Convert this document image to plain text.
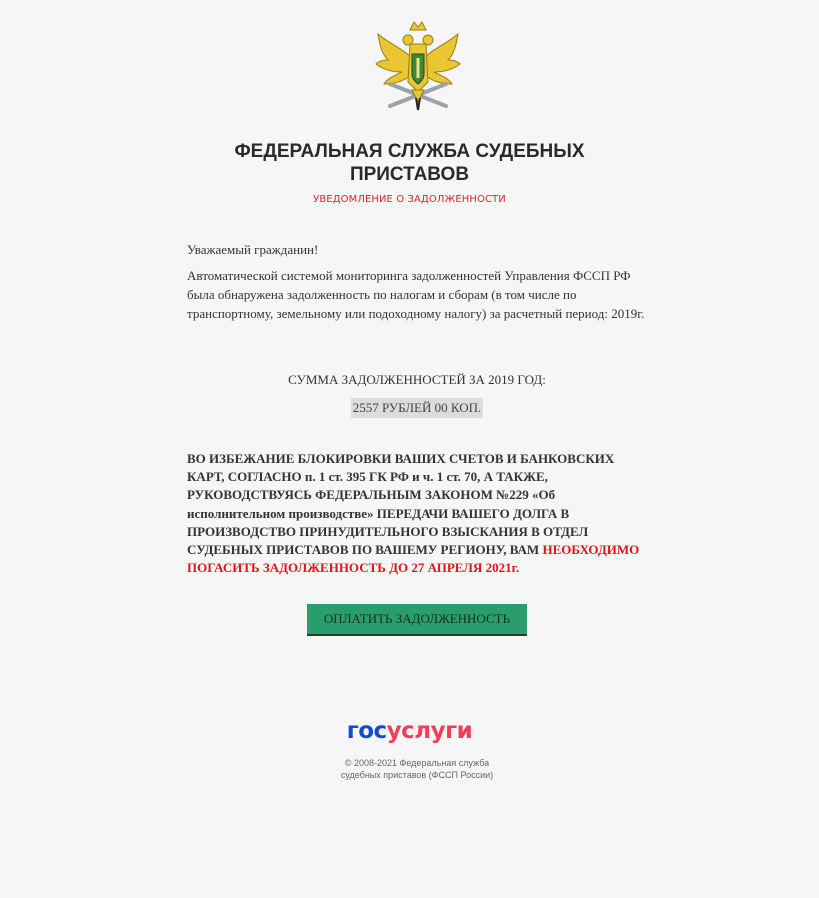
ФЕДЕРАЛЬНАЯ СЛУЖБА СУДЕБНЫХ
ПРИСТАВОВ
УВЕДОМЛЕНИЕ О ЗАДОЛЖЕННОСТИ
Уважаемый гражданин!
Автоматической системой мониторинга задолженностей Управления ФССП РФ была обнаружена задолженность по налогам и сборам (в том числе по транспортному, земельному или подоходному налогу) за расчетный период: 2019г.
СУММА ЗАДОЛЖЕННОСТЕЙ ЗА 2019 ГОД:
2557 РУБЛЕЙ 00 КОП.
ВО ИЗБЕЖАНИЕ БЛОКИРОВКИ ВАШИХ СЧЕТОВ И БАНКОВСКИХ КАРТ, СОГЛАСНО п. 1 ст. 395 ГК РФ и ч. 1 ст. 70, А ТАКЖЕ, РУКОВОДСТВУЯСЬ ФЕДЕРАЛЬНЫМ ЗАКОНОМ №229 «Об исполнительном производстве» ПЕРЕДАЧИ ВАШЕГО ДОЛГА В ПРОИЗВОДСТВО ПРИНУДИТЕЛЬНОГО ВЗЫСКАНИЯ В ОТДЕЛ СУДЕБНЫХ ПРИСТАВОВ ПО ВАШЕМУ РЕГИОНУ, ВАМ НЕОБХОДИМО ПОГАСИТЬ ЗАДОЛЖЕННОСТЬ ДО 27 АПРЕЛЯ 2021г.
ОПЛАТИТЬ ЗАДОЛЖЕННОСТЬ
госуслуги
© 2008-2021 Федеральная служба
судебных приставов (ФССП России)
